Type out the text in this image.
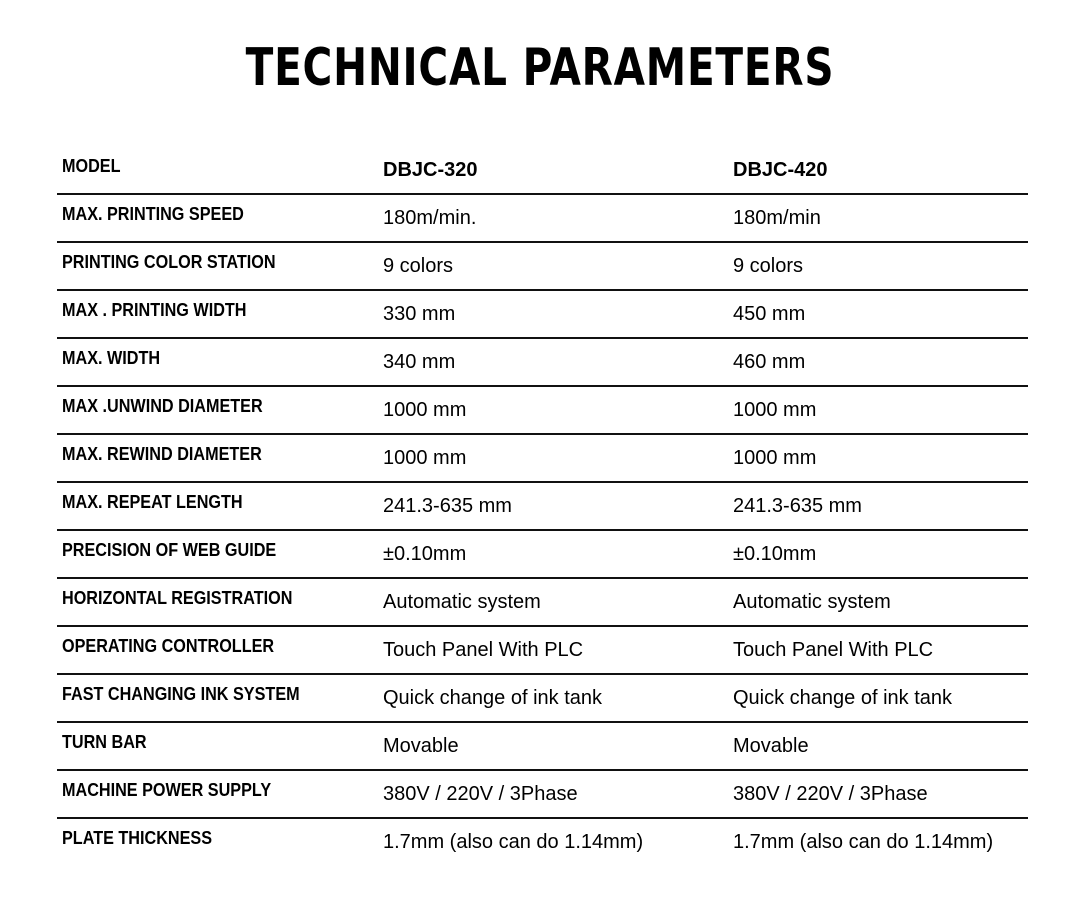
TECHNICAL PARAMETERS
MODEL	DBJC-320	DBJC-420
MAX. PRINTING SPEED	180m/min.	180m/min
PRINTING COLOR STATION	9 colors	9 colors
MAX . PRINTING WIDTH	330 mm	450 mm
MAX. WIDTH	340 mm	460 mm
MAX .UNWIND DIAMETER	1000 mm	1000 mm
MAX. REWIND DIAMETER	1000 mm	1000 mm
MAX. REPEAT LENGTH	241.3-635 mm	241.3-635 mm
PRECISION OF WEB GUIDE	±0.10mm	±0.10mm
HORIZONTAL REGISTRATION	Automatic system	Automatic system
OPERATING CONTROLLER	Touch Panel With PLC	Touch Panel With PLC
FAST CHANGING INK SYSTEM	Quick change of ink tank	Quick change of ink tank
TURN BAR	Movable	Movable
MACHINE POWER SUPPLY	380V / 220V / 3Phase	380V / 220V / 3Phase
PLATE THICKNESS	1.7mm (also can do 1.14mm)	1.7mm (also can do 1.14mm)
